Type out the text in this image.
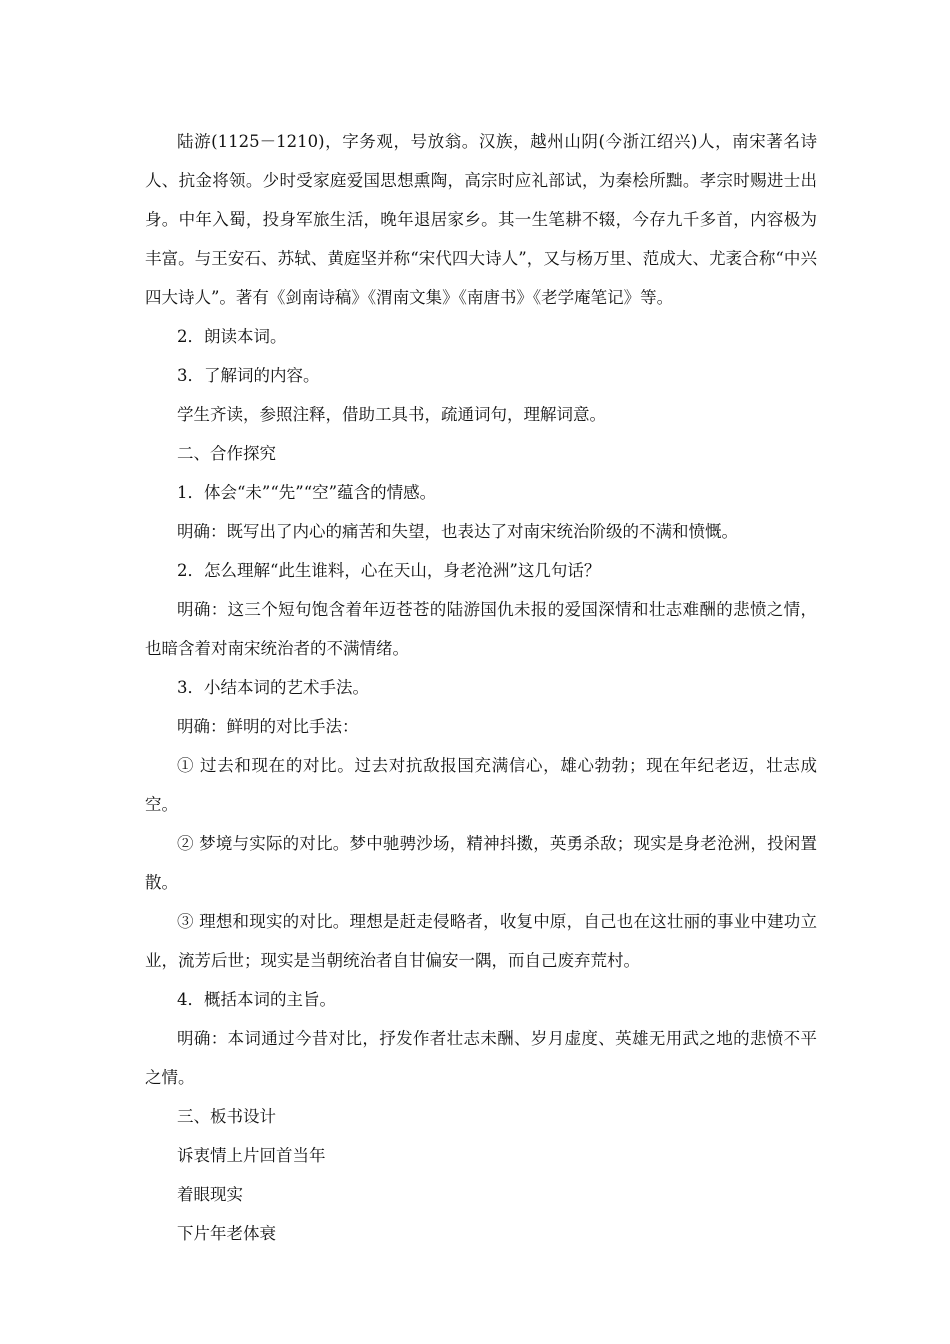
陆游(1125－1210)，字务观，号放翁。汉族，越州山阴(今浙江绍兴)人，南宋著名诗人、抗金将领。少时受家庭爱国思想熏陶，高宗时应礼部试，为秦桧所黜。孝宗时赐进士出身。中年入蜀，投身军旅生活，晚年退居家乡。其一生笔耕不辍，今存九千多首，内容极为丰富。与王安石、苏轼、黄庭坚并称“宋代四大诗人”，又与杨万里、范成大、尤袤合称“中兴四大诗人”。著有《剑南诗稿》《渭南文集》《南唐书》《老学庵笔记》等。

2．朗读本词。

3．了解词的内容。

学生齐读，参照注释，借助工具书，疏通词句，理解词意。

二、合作探究

1．体会“未”“先”“空”蕴含的情感。

明确：既写出了内心的痛苦和失望，也表达了对南宋统治阶级的不满和愤慨。

2．怎么理解“此生谁料，心在天山，身老沧洲”这几句话？

明确：这三个短句饱含着年迈苍苍的陆游国仇未报的爱国深情和壮志难酬的悲愤之情，也暗含着对南宋统治者的不满情绪。

3．小结本词的艺术手法。

明确：鲜明的对比手法：

① 过去和现在的对比。过去对抗敌报国充满信心，雄心勃勃；现在年纪老迈，壮志成空。

② 梦境与实际的对比。梦中驰骋沙场，精神抖擞，英勇杀敌；现实是身老沧洲，投闲置散。

③ 理想和现实的对比。理想是赶走侵略者，收复中原，自己也在这壮丽的事业中建功立业，流芳后世；现实是当朝统治者自甘偏安一隅，而自己废弃荒村。

4．概括本词的主旨。

明确：本词通过今昔对比，抒发作者壮志未酬、岁月虚度、英雄无用武之地的悲愤不平之情。

三、板书设计

诉衷情上片回首当年

着眼现实

下片年老体衰
